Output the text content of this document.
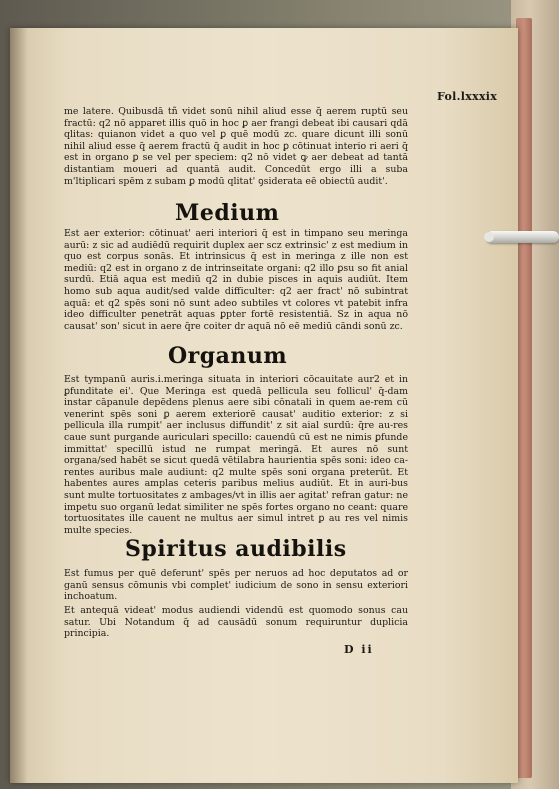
Fol.lxxxix

me latere. Quibusdā tñ videt sonū nihil aliud esse q̄ aerem ruptū seu fractū: q2 nō apparet illis quō in hoc ꝑ aer frangi debeat ibi causari qdā qlitas: quianon videt a quo vel ꝑ quē modū zc. quare dicunt illi sonū nihil aliud esse q̄ aerem fractū q̄ audit in hoc ꝑ cōtinuat interio ri aeri q̄ est in organo ꝑ se vel per speciem: q2 nō videt ꝙ aer debeat ad tantā distantiam moueri ad quantā audit. Concedūt ergo illi a suba m'ltiplicari spēm z subam ꝑ modū qlitat' ꝯsiderata eē obiectū audit'.

Medium

Est aer exterior: cōtinuat' aeri interiori q̄ est in timpano seu meringa aurū: z sic ad audiēdū requirit duplex aer scz extrinsic' z est medium in quo est corpus sonās. Et intrinsicus q̄ est in meringa z ille non est mediū: q2 est in organo z de intrinseitate organi: q2 illo ꝑsu so fit anial surdū. Etiā aqua est mediū q2 in dubie pisces in aquis audiūt. Item homo sub aqua audit/sed valde difficulter: q2 aer fract' nō subintrat aquā: et q2 spēs soni nō sunt adeo subtiles vt colores vt patebit infra ideo difficulter penetrāt aquas ꝑpter fortē resistentiā. Sz in aqua nō causat' son' sicut in aere q̄re coiter dr aquā nō eē mediū cāndi sonū zc.

Organum

Est tympanū auris.i.meringa situata in interiori cōcauitate aur2 et in ꝑfunditate ei'. Que Meringa est quedā pellicula seu follicul' q̄-dam instar cāpanule depēdens plenus aere sibi cōnatali in quem ae-rem cū venerint spēs soni ꝑ aerem exteriorē causat' auditio exterior: z si pellicula illa rumpit' aer inclusus diffundit' z sit aial surdū: q̄re au-res caue sunt purgande auriculari specillo: cauendū cū est ne nimis ꝑfunde immittat' specillū istud ne rumpat meringā. Et aures nō sunt organa/sed habēt se sicut quedā vētilabra haurientia spēs soni: ideo ca-rentes auribus male audiunt: q2 multe spēs soni organa preterūt. Et habentes aures amplas ceteris paribus melius audiūt. Et in auri-bus sunt multe tortuositates z ambages/vt in illis aer agitat' refran gatur: ne impetu suo organū ledat similiter ne spēs fortes organo no ceant: quare tortuositates ille cauent ne multus aer simul intret ꝑ au res vel nimis multe species.

Spiritus audibilis

Est fumus per quē deferunt' spēs per neruos ad hoc deputatos ad or ganū sensus cōmunis vbi complet' iudicium de sono in sensu exteriori inchoatum.

Et antequā videat' modus audiendi videndū est quomodo sonus cau satur. Ubi Notandum q̄ ad causādū sonum requiruntur duplicia principia.

D ii
